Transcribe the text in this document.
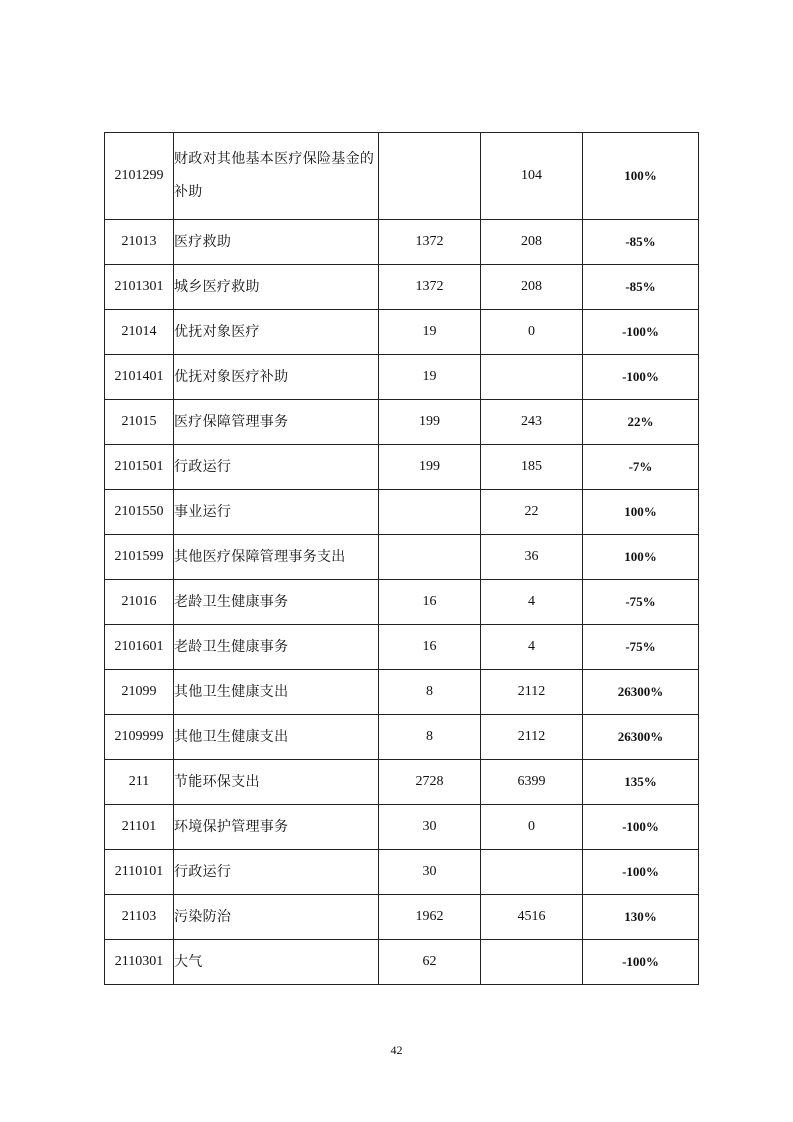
2101299	财政对其他基本医疗保险基金的补助		104	100%
21013	医疗救助	1372	208	-85%
2101301	城乡医疗救助	1372	208	-85%
21014	优抚对象医疗	19	0	-100%
2101401	优抚对象医疗补助	19		-100%
21015	医疗保障管理事务	199	243	22%
2101501	行政运行	199	185	-7%
2101550	事业运行		22	100%
2101599	其他医疗保障管理事务支出		36	100%
21016	老龄卫生健康事务	16	4	-75%
2101601	老龄卫生健康事务	16	4	-75%
21099	其他卫生健康支出	8	2112	26300%
2109999	其他卫生健康支出	8	2112	26300%
211	节能环保支出	2728	6399	135%
21101	环境保护管理事务	30	0	-100%
2110101	行政运行	30		-100%
21103	污染防治	1962	4516	130%
2110301	大气	62		-100%
42
